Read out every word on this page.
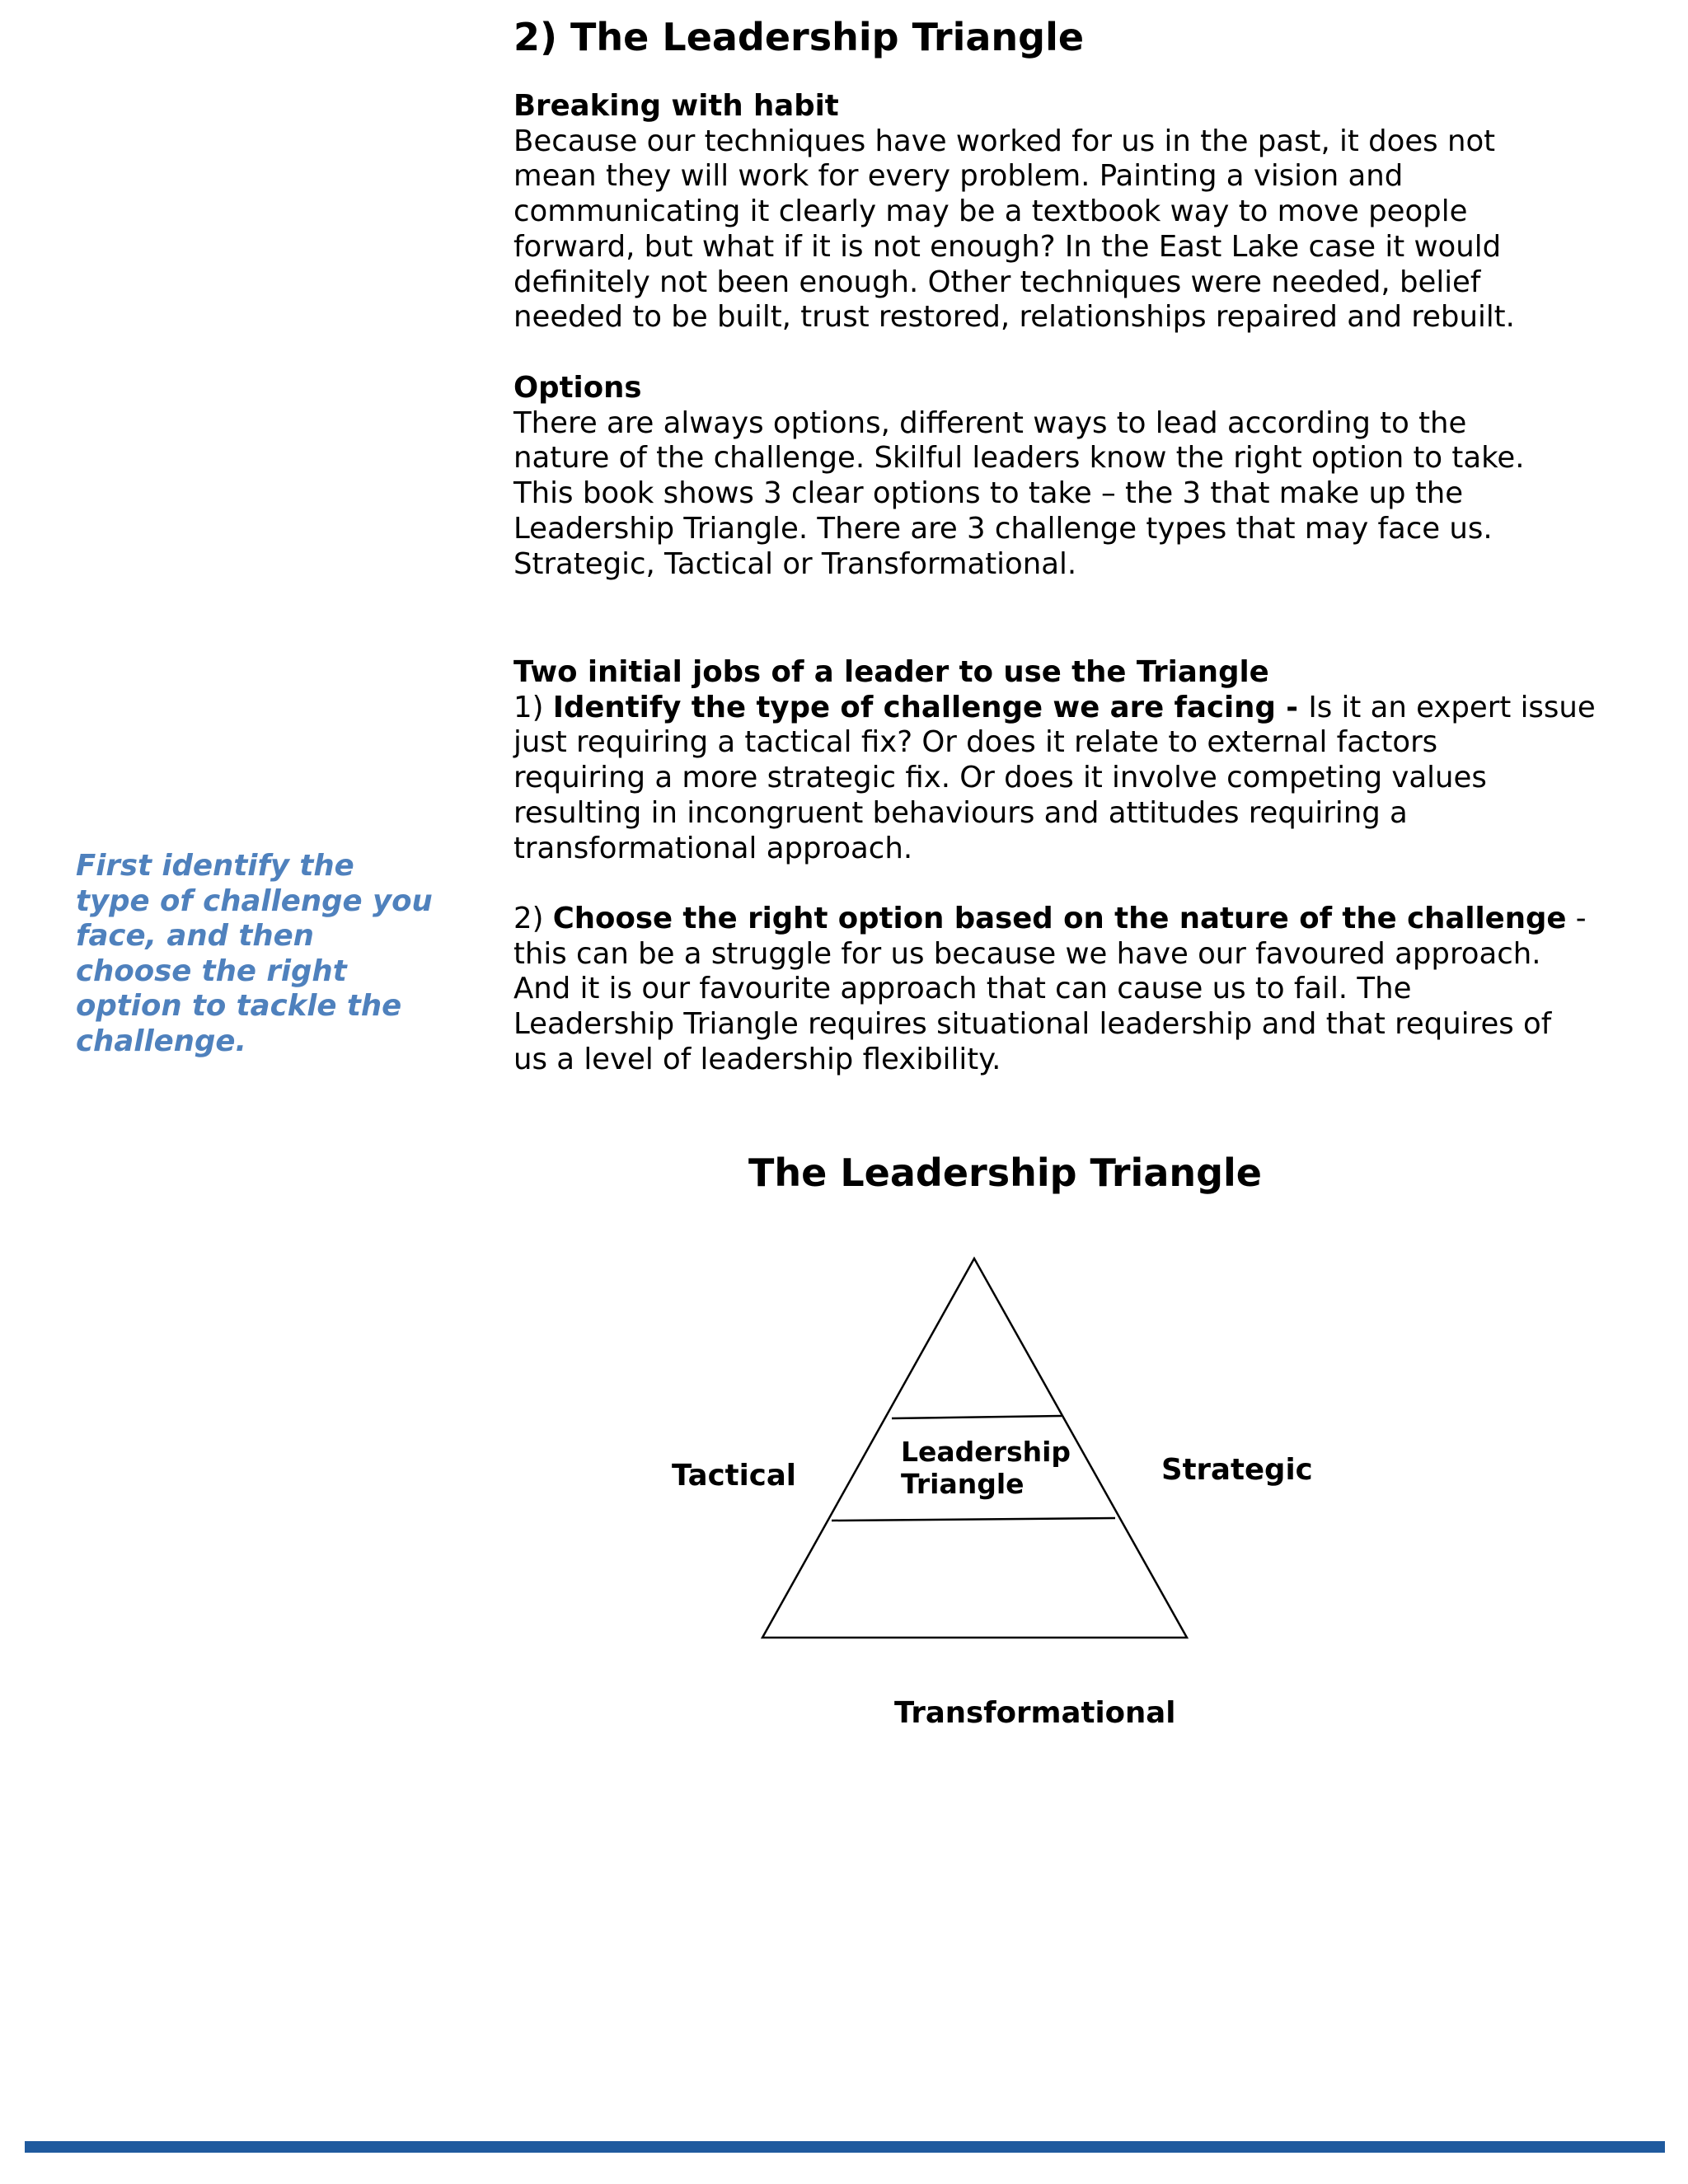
2) The Leadership Triangle
Breaking with habit
Because our techniques have worked for us in the past, it does not
mean they will work for every problem. Painting a vision and
communicating it clearly may be a textbook way to move people
forward, but what if it is not enough? In the East Lake case it would
definitely not been enough. Other techniques were needed, belief
needed to be built, trust restored, relationships repaired and rebuilt.
Options
There are always options, different ways to lead according to the
nature of the challenge. Skilful leaders know the right option to take.
This book shows 3 clear options to take – the 3 that make up the
Leadership Triangle. There are 3 challenge types that may face us.
Strategic, Tactical or Transformational.
Two initial jobs of a leader to use the Triangle
1) Identify the type of challenge we are facing - Is it an expert issue
just requiring a tactical fix? Or does it relate to external factors
requiring a more strategic fix. Or does it involve competing values
resulting in incongruent behaviours and attitudes requiring a
transformational approach.
2) Choose the right option based on the nature of the challenge -
this can be a struggle for us because we have our favoured approach.
And it is our favourite approach that can cause us to fail. The
Leadership Triangle requires situational leadership and that requires of
us a level of leadership flexibility.
First identify the
type of challenge you
face, and then
choose the right
option to tackle the
challenge.
The Leadership Triangle
Leadership
Triangle
Tactical	Strategic
Transformational
